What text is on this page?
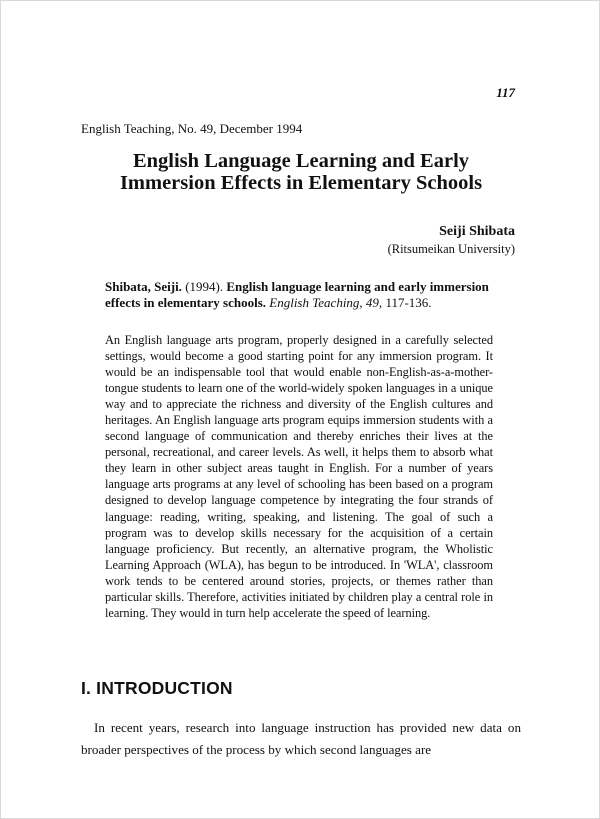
117
English Teaching, No. 49, December 1994
English Language Learning and Early
Immersion Effects in Elementary Schools
Seiji Shibata
(Ritsumeikan University)
Shibata, Seiji. (1994). English language learning and early immersion effects in elementary schools. English Teaching, 49, 117-136.
An English language arts program, properly designed in a carefully selected settings, would become a good starting point for any immersion program. It would be an indispensable tool that would enable non-English-as-a-mother-tongue students to learn one of the world-widely spoken languages in a unique way and to appreciate the richness and diversity of the English cultures and heritages. An English language arts program equips immersion students with a second language of communication and thereby enriches their lives at the personal, recreational, and career levels. As well, it helps them to absorb what they learn in other subject areas taught in English. For a number of years language arts programs at any level of schooling has been based on a program designed to develop language competence by integrating the four strands of language: reading, writing, speaking, and listening. The goal of such a program was to develop skills necessary for the acquisition of a certain language proficiency. But recently, an alternative program, the Wholistic Learning Approach (WLA), has begun to be introduced. In 'WLA', classroom work tends to be centered around stories, projects, or themes rather than particular skills. Therefore, activities initiated by children play a central role in learning. They would in turn help accelerate the speed of learning.
I. INTRODUCTION
In recent years, research into language instruction has provided new data on broader perspectives of the process by which second languages are
